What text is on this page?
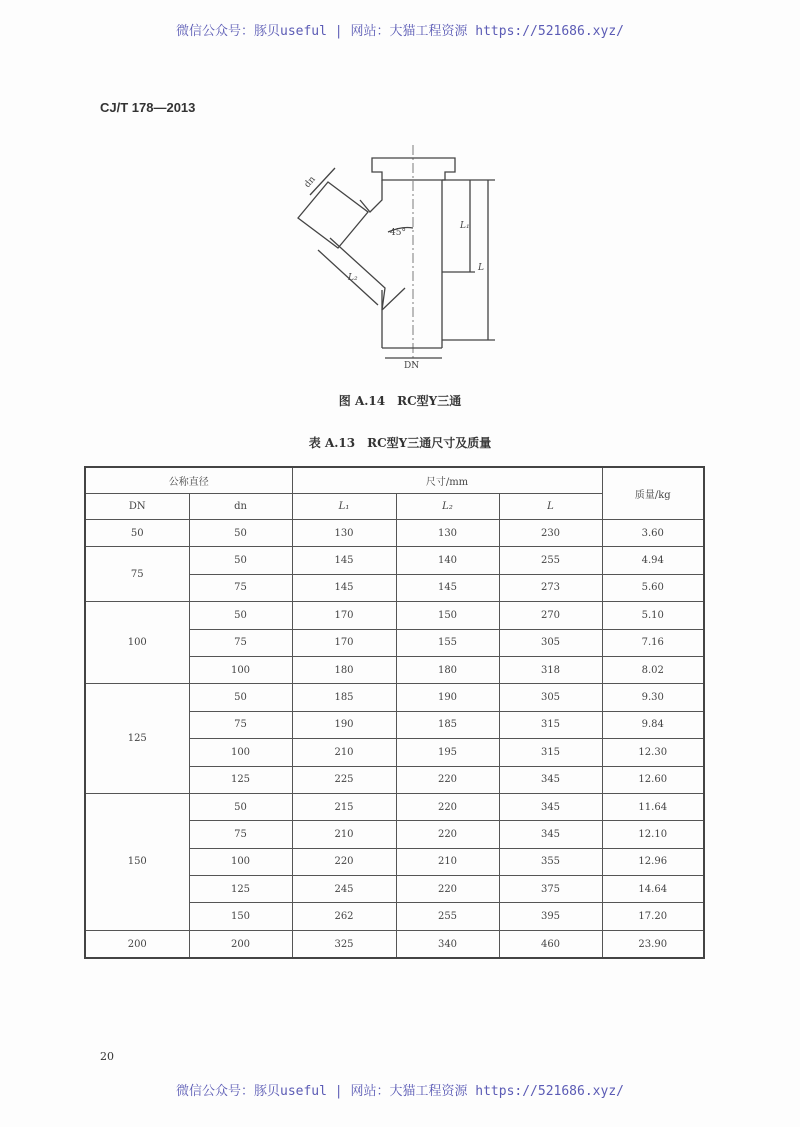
微信公众号：豚贝useful | 网站：大猫工程资源 https://521686.xyz/
CJ/T 178—2013
dn
45°
L₁
L₂
L
DN
图 A.14　RC型Y三通
表 A.13　RC型Y三通尺寸及质量
公称直径		尺寸/mm			质量/kg
DN	dn	L₁	L₂	L	
50	50	130	130	230	3.60
75	50	145	140	255	4.94
	75	145	145	273	5.60
100	50	170	150	270	5.10
	75	170	155	305	7.16
	100	180	180	318	8.02
125	50	185	190	305	9.30
	75	190	185	315	9.84
	100	210	195	315	12.30
	125	225	220	345	12.60
150	50	215	220	345	11.64
	75	210	220	345	12.10
	100	220	210	355	12.96
	125	245	220	375	14.64
	150	262	255	395	17.20
200	200	325	340	460	23.90
20
微信公众号：豚贝useful | 网站：大猫工程资源 https://521686.xyz/
